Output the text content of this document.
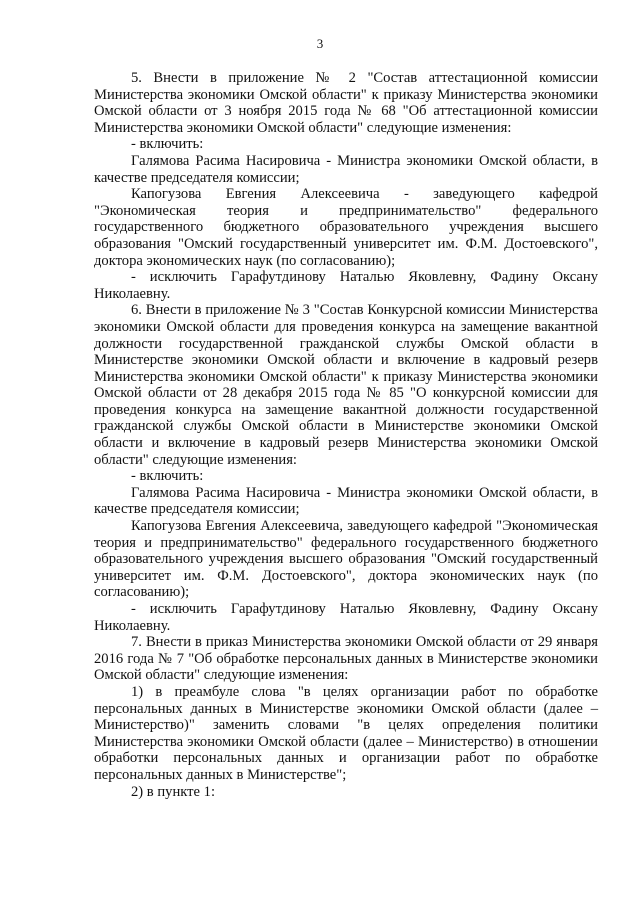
3

5. Внести в приложение № 2 "Состав аттестационной комиссии Министерства экономики Омской области" к приказу Министерства экономики Омской области от 3 ноября 2015 года № 68 "Об аттестационной комиссии Министерства экономики Омской области" следующие изменения:

- включить:

Галямова Расима Насировича - Министра экономики Омской области, в качестве председателя комиссии;

Капогузова Евгения Алексеевича - заведующего кафедрой "Экономическая теория и предпринимательство" федерального государственного бюджетного образовательного учреждения высшего образования "Омский государственный университет им. Ф.М. Достоевского", доктора экономических наук (по согласованию);

- исключить Гарафутдинову Наталью Яковлевну, Фадину Оксану Николаевну.

6. Внести в приложение № 3 "Состав Конкурсной комиссии Министерства экономики Омской области для проведения конкурса на замещение вакантной должности государственной гражданской службы Омской области в Министерстве экономики Омской области и включение в кадровый резерв Министерства экономики Омской области" к приказу Министерства экономики Омской области от 28 декабря 2015 года № 85 "О конкурсной комиссии для проведения конкурса на замещение вакантной должности государственной гражданской службы Омской области в Министерстве экономики Омской области и включение в кадровый резерв Министерства экономики Омской области" следующие изменения:

- включить:

Галямова Расима Насировича - Министра экономики Омской области, в качестве председателя комиссии;

Капогузова Евгения Алексеевича, заведующего кафедрой "Экономическая теория и предпринимательство" федерального государственного бюджетного образовательного учреждения высшего образования "Омский государственный университет им. Ф.М. Достоевского", доктора экономических наук (по согласованию);

- исключить Гарафутдинову Наталью Яковлевну, Фадину Оксану Николаевну.

7. Внести в приказ Министерства экономики Омской области от 29 января 2016 года № 7 "Об обработке персональных данных в Министерстве экономики Омской области" следующие изменения:

1) в преамбуле слова "в целях организации работ по обработке персональных данных в Министерстве экономики Омской области (далее – Министерство)" заменить словами "в целях определения политики Министерства экономики Омской области (далее – Министерство) в отношении обработки персональных данных и организации работ по обработке персональных данных в Министерстве";

2) в пункте 1:
